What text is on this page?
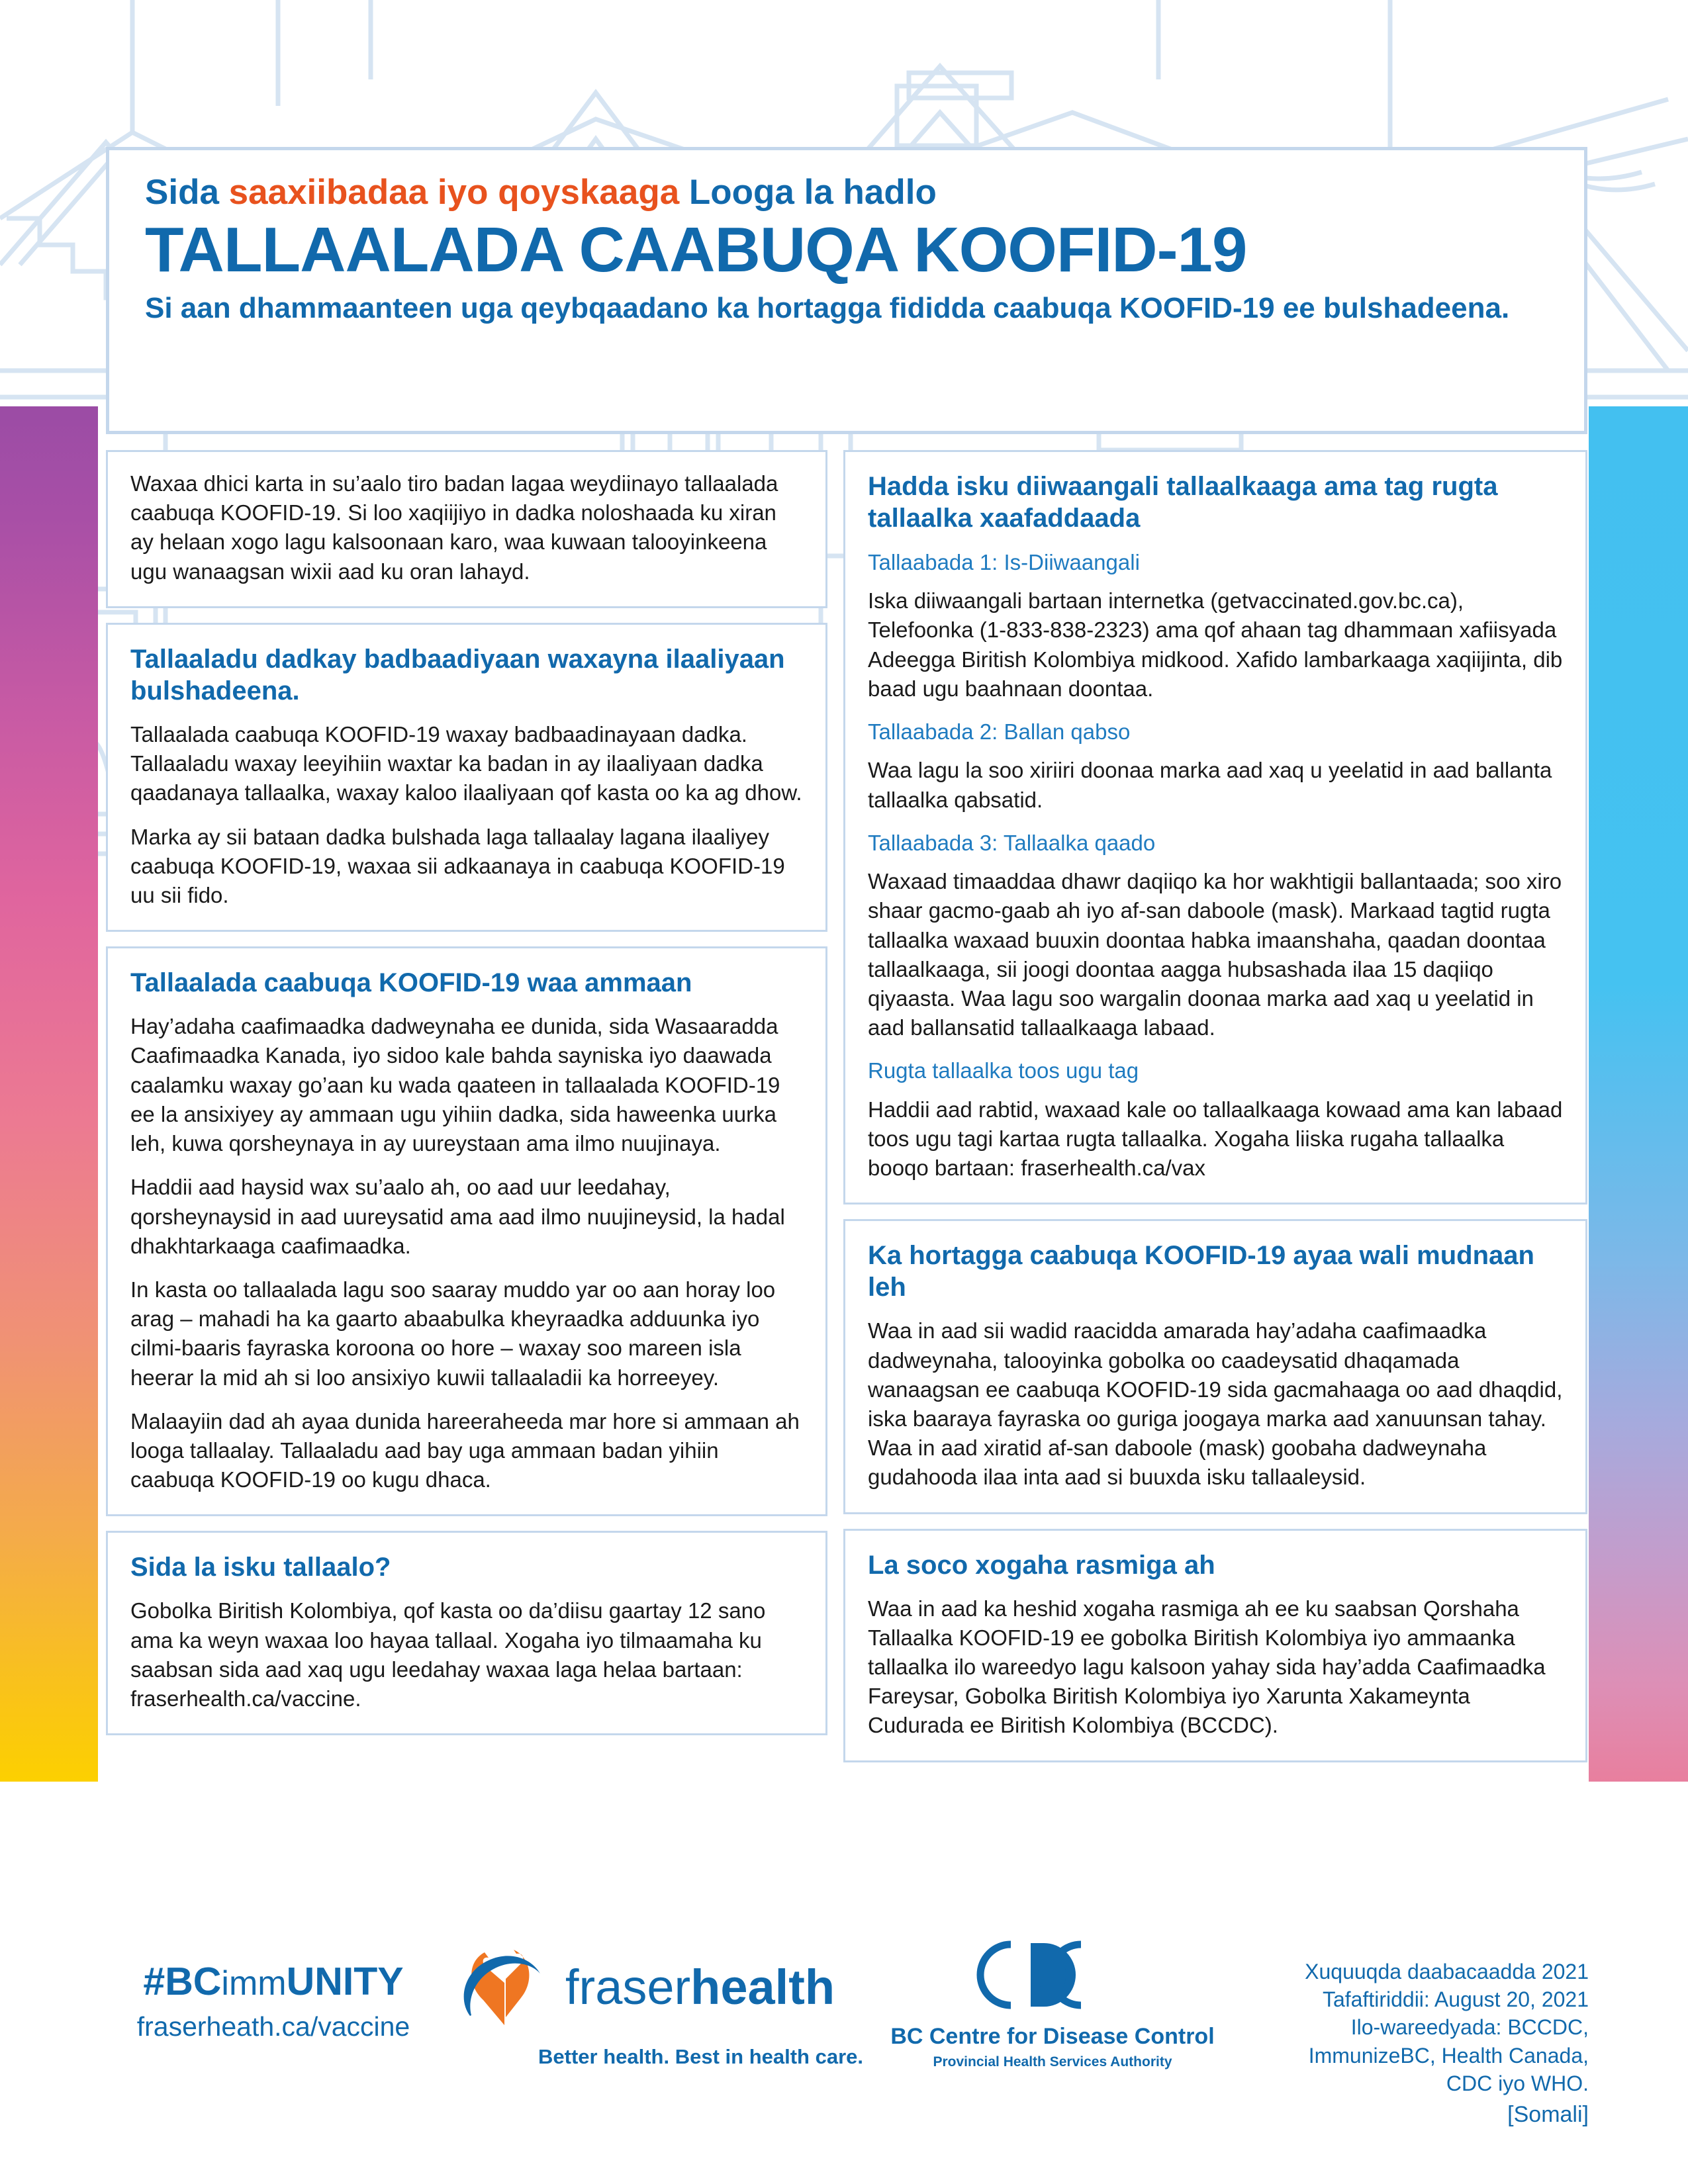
Sida saaxiibadaa iyo qoyskaaga Looga la hadlo
TALLAALADA CAABUQA KOOFID-19
Si aan dhammaanteen uga qeybqaadano ka hortagga fididda caabuqa KOOFID-19 ee bulshadeena.

Waxaa dhici karta in su’aalo tiro badan lagaa weydiinayo tallaalada caabuqa KOOFID-19. Si loo xaqiijiyo in dadka noloshaada ku xiran ay helaan xogo lagu kalsoonaan karo, waa kuwaan talooyinkeena ugu wanaagsan wixii aad ku oran lahayd.

Tallaaladu dadkay badbaadiyaan waxayna ilaaliyaan bulshadeena.

Tallaalada caabuqa KOOFID-19 waxay badbaadinayaan dadka. Tallaaladu waxay leeyihiin waxtar ka badan in ay ilaaliyaan dadka qaadanaya tallaalka, waxay kaloo ilaaliyaan qof kasta oo ka ag dhow.

Marka ay sii bataan dadka bulshada laga tallaalay lagana ilaaliyey caabuqa KOOFID-19, waxaa sii adkaanaya in caabuqa KOOFID-19 uu sii fido.

Tallaalada caabuqa KOOFID-19 waa ammaan

Hay’adaha caafimaadka dadweynaha ee dunida, sida Wasaaradda Caafimaadka Kanada, iyo sidoo kale bahda sayniska iyo daawada caalamku waxay go’aan ku wada qaateen in tallaalada KOOFID-19 ee la ansixiyey ay ammaan ugu yihiin dadka, sida haweenka uurka leh, kuwa qorsheynaya in ay uureystaan ama ilmo nuujinaya.

Haddii aad haysid wax su’aalo ah, oo aad uur leedahay, qorsheynaysid in aad uureysatid ama aad ilmo nuujineysid, la hadal dhakhtarkaaga caafimaadka.

In kasta oo tallaalada lagu soo saaray muddo yar oo aan horay loo arag – mahadi ha ka gaarto abaabulka kheyraadka adduunka iyo cilmi-baaris fayraska koroona oo hore – waxay soo mareen isla heerar la mid ah si loo ansixiyo kuwii tallaaladii ka horreeyey.

Malaayiin dad ah ayaa dunida hareeraheeda mar hore si ammaan ah looga tallaalay. Tallaaladu aad bay uga ammaan badan yihiin caabuqa KOOFID-19 oo kugu dhaca.

Sida la isku tallaalo?

Gobolka Biritish Kolombiya, qof kasta oo da’diisu gaartay 12 sano ama ka weyn waxaa loo hayaa tallaal. Xogaha iyo tilmaamaha ku saabsan sida aad xaq ugu leedahay waxaa laga helaa bartaan: fraserhealth.ca/vaccine.

Hadda isku diiwaangali tallaalkaaga ama tag rugta tallaalka xaafaddaada
Tallaabada 1: Is-Diiwaangali

Iska diiwaangali bartaan internetka (getvaccinated.gov.bc.ca), Telefoonka (1-833-838-2323) ama qof ahaan tag dhammaan xafiisyada Adeegga Biritish Kolombiya midkood. Xafido lambarkaaga xaqiijinta, dib baad ugu baahnaan doontaa.

Tallaabada 2: Ballan qabso

Waa lagu la soo xiriiri doonaa marka aad xaq u yeelatid in aad ballanta tallaalka qabsatid.

Tallaabada 3: Tallaalka qaado

Waxaad timaaddaa dhawr daqiiqo ka hor wakhtigii ballantaada; soo xiro shaar gacmo-gaab ah iyo af-san daboole (mask). Markaad tagtid rugta tallaalka waxaad buuxin doontaa habka imaanshaha, qaadan doontaa tallaalkaaga, sii joogi doontaa aagga hubsashada ilaa 15 daqiiqo qiyaasta. Waa lagu soo wargalin doonaa marka aad xaq u yeelatid in aad ballansatid tallaalkaaga labaad.

Rugta tallaalka toos ugu tag

Haddii aad rabtid, waxaad kale oo tallaalkaaga kowaad ama kan labaad toos ugu tagi kartaa rugta tallaalka. Xogaha liiska rugaha tallaalka booqo bartaan: fraserhealth.ca/vax

Ka hortagga caabuqa KOOFID-19 ayaa wali mudnaan leh

Waa in aad sii wadid raacidda amarada hay’adaha caafimaadka dadweynaha, talooyinka gobolka oo caadeysatid dhaqamada wanaagsan ee caabuqa KOOFID-19 sida gacmahaaga oo aad dhaqdid, iska baaraya fayraska oo guriga joogaya marka aad xanuunsan tahay. Waa in aad xiratid af-san daboole (mask) goobaha dadweynaha gudahooda ilaa inta aad si buuxda isku tallaaleysid.

La soco xogaha rasmiga ah

Waa in aad ka heshid xogaha rasmiga ah ee ku saabsan Qorshaha Tallaalka KOOFID-19 ee gobolka Biritish Kolombiya iyo ammaanka tallaalka ilo wareedyo lagu kalsoon yahay sida hay’adda Caafimaadka Fareysar, Gobolka Biritish Kolombiya iyo Xarunta Xakameynta Cudurada ee Biritish Kolombiya (BCCDC).

#BCimmUNITY
fraserheath.ca/vaccine
fraserhealth
Better health. Best in health care.
BC Centre for Disease Control
Provincial Health Services Authority
Xuquuqda daabacaadda 2021
Tafaftiriddii: August 20, 2021
Ilo-wareedyada: BCCDC,
ImmunizeBC, Health Canada,
CDC iyo WHO.
[Somali]
